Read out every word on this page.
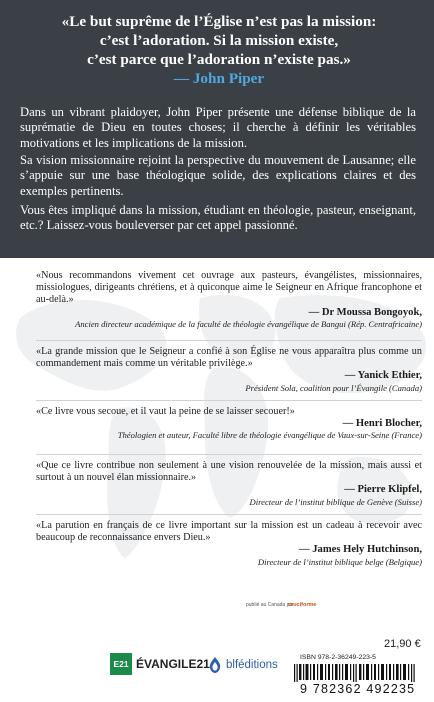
«Le but suprême de l’Église n’est pas la mission:
c’est l’adoration. Si la mission existe,
c’est parce que l’adoration n’existe pas.»
— John Piper
Dans un vibrant plaidoyer, John Piper présente une défense biblique de la suprématie de Dieu en toutes choses; il cherche à définir les véritables motivations et les implications de la mission.
Sa vision missionnaire rejoint la perspective du mouvement de Lausanne; elle s’appuie sur une base théologique solide, des explications claires et des exemples pertinents.
Vous êtes impliqué dans la mission, étudiant en théologie, pasteur, enseignant, etc.? Laissez-vous bouleverser par cet appel passionné.
«Nous recommandons vivement cet ouvrage aux pasteurs, évangélistes, missionnaires, missiologues, dirigeants chrétiens, et à quiconque aime le Seigneur en Afrique francophone et au-delà.»
— Dr Moussa Bongoyok,
Ancien directeur académique de la faculté de théologie évangélique de Bangui (Rép. Centrafricaine)
«La grande mission que le Seigneur a confié à son Église ne vous apparaîtra plus comme un commandement mais comme un véritable privilège.»
— Yanick Ethier,
Président Sola, coalition pour l’Évangile (Canada)
«Ce livre vous secoue, et il vaut la peine de se laisser secouer!»
— Henri Blocher,
Théologien et auteur, Faculté libre de théologie évangélique de Vaux-sur-Seine (France)
«Que ce livre contribue non seulement à une vision renouvelée de la mission, mais aussi et surtout à un nouvel élan missionnaire.»
— Pierre Klipfel,
Directeur de l’institut biblique de Genève (Suisse)
«La parution en français de ce livre important sur la mission est un cadeau à recevoir avec beaucoup de reconnaissance envers Dieu.»
— James Hely Hutchinson,
Directeur de l’institut biblique belge (Belgique)
publié au Canada par
cruciforme
21,90 €
ISBN 978-2-36249-223-5
9 782362 492235
E21 ÉVANGILE21 blféditions
